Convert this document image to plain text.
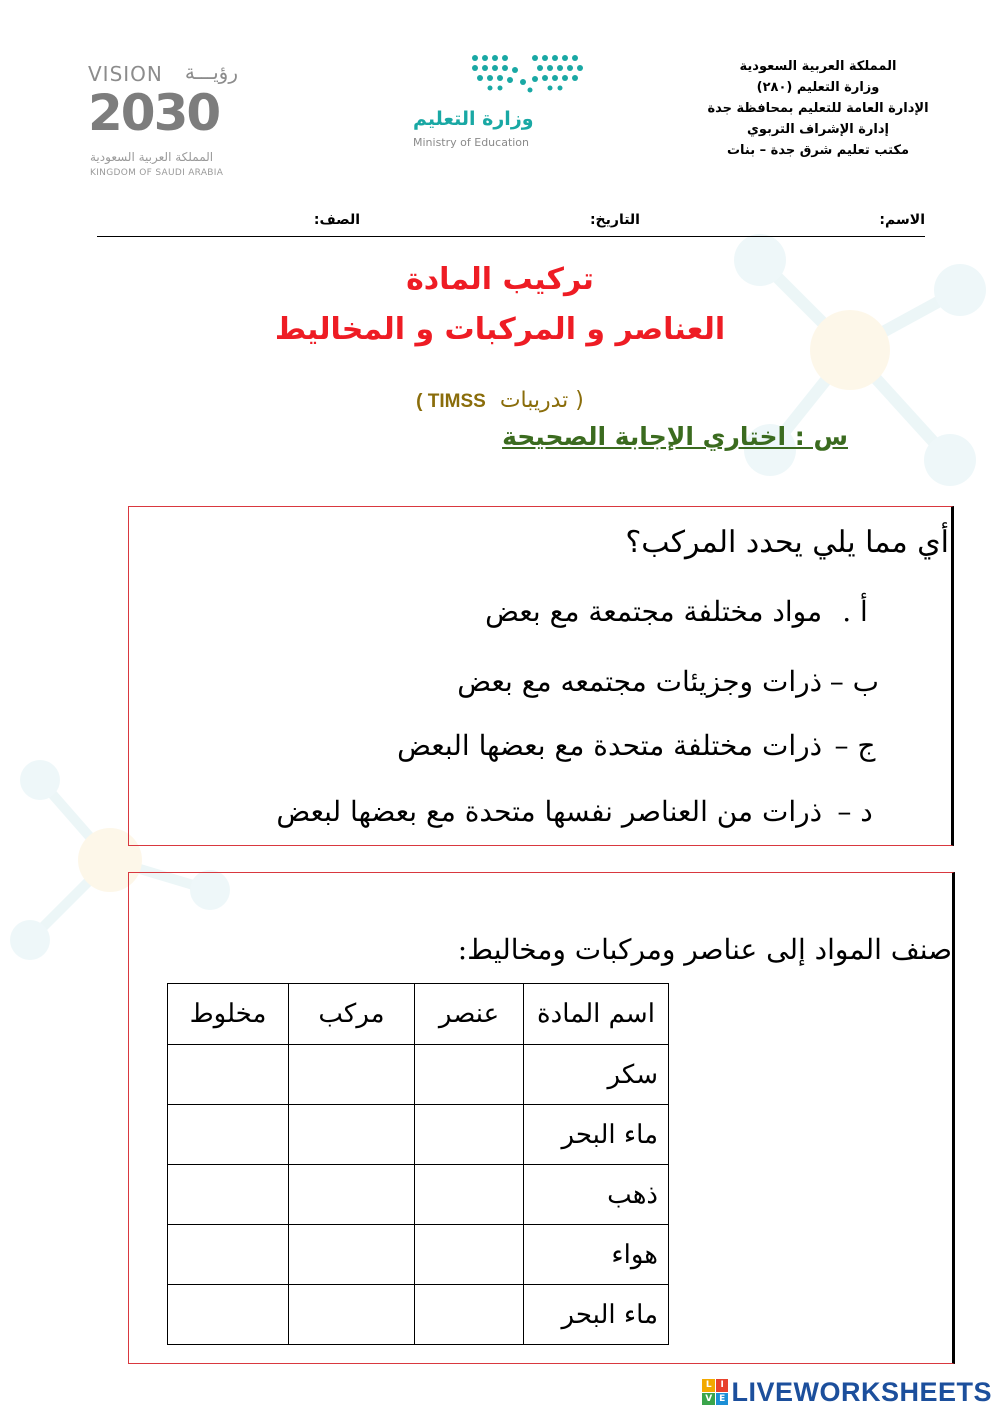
المملكة العربية السعودية
وزارة التعليم (٢٨٠)
الإدارة العامة للتعليم بمحافظة جدة
إدارة الإشراف التربوي
مكتب تعليم شرق جدة – بنات
وزارة التعليم
Ministry of Education
VISION رؤيـــة
2030
المملكة العربية السعودية
KINGDOM OF SAUDI ARABIA
الاسم:
التاريخ:
الصف:
تركيب المادة
العناصر و المركبات و المخاليط
( تدريبات  TIMSS )
س : اختاري الإجابة الصحيحة
أي مما يلي يحدد المركب؟
أ . مواد مختلفة مجتمعة مع بعض
ب – ذرات وجزيئات مجتمعه مع بعض
ج – ذرات مختلفة متحدة مع بعضها البعض
د – ذرات من العناصر نفسها متحدة مع بعضها لبعض
صنف المواد إلى عناصر ومركبات ومخاليط:
اسم المادة	عنصر	مركب	مخلوط
سكر			
ماء البحر			
ذهب			
هواء			
ماء البحر			
L I
V E LIVEWORKSHEETS
